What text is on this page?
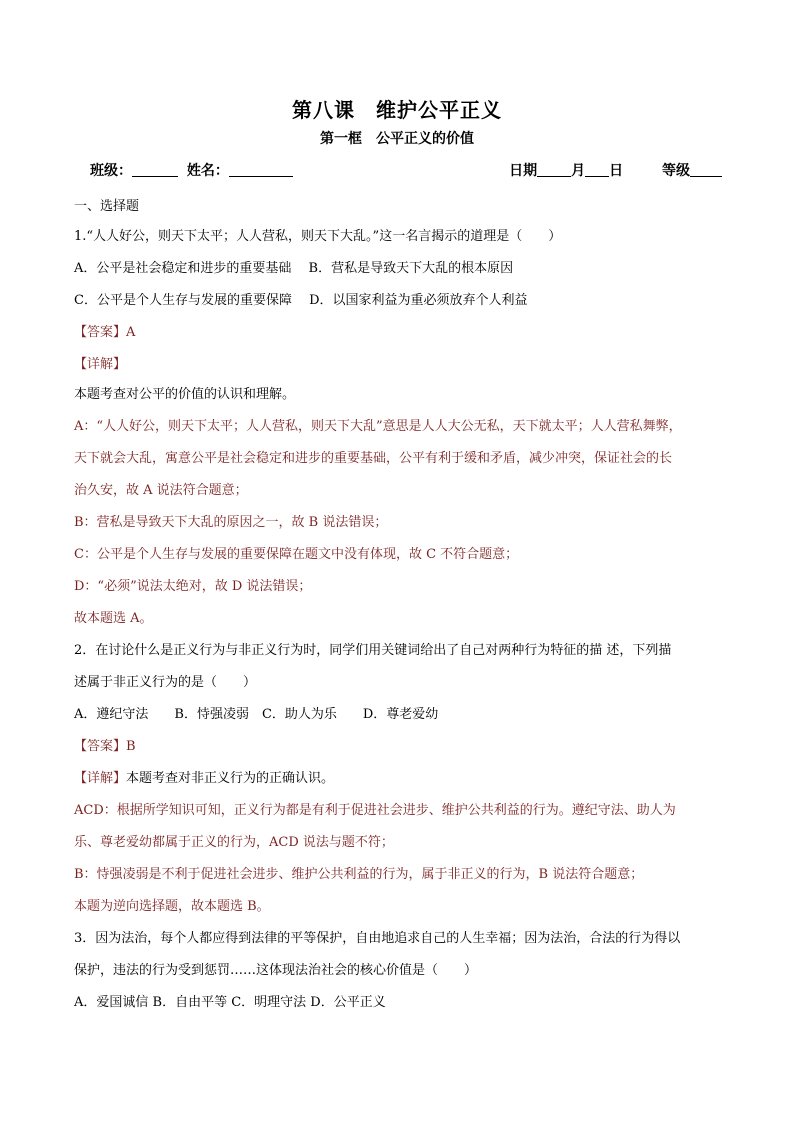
第八课　维护公平正义
第一框　公平正义的价值
班级：	姓名：	日期 月 日	等级
一、选择题
1.“人人好公，则天下太平；人人营私，则天下大乱。”这一名言揭示的道理是（　　）
A．公平是社会稳定和进步的重要基础　 B．营私是导致天下大乱的根本原因
C．公平是个人生存与发展的重要保障　 D．以国家利益为重必须放弃个人利益
【答案】A
【详解】
本题考查对公平的价值的认识和理解。
A：“人人好公，则天下太平；人人营私，则天下大乱”意思是人人大公无私，天下就太平；人人营私舞弊，
天下就会大乱，寓意公平是社会稳定和进步的重要基础，公平有利于缓和矛盾，减少冲突，保证社会的长
治久安，故 A 说法符合题意；
B：营私是导致天下大乱的原因之一，故 B 说法错误；
C：公平是个人生存与发展的重要保障在题文中没有体现，故 C 不符合题意；
D：“必须”说法太绝对，故 D 说法错误；
故本题选 A。
2．在讨论什么是正义行为与非正义行为时，同学们用关键词给出了自己对两种行为特征的描 述，下列描
述属于非正义行为的是（　　）
A．遵纪守法　　B．恃强凌弱　C．助人为乐　　D．尊老爱幼
【答案】B
【详解】本题考查对非正义行为的正确认识。
ACD：根据所学知识可知，正义行为都是有利于促进社会进步、维护公共利益的行为。遵纪守法、助人为
乐、尊老爱幼都属于正义的行为，ACD 说法与题不符；
B：恃强凌弱是不利于促进社会进步、维护公共利益的行为，属于非正义的行为，B 说法符合题意；
本题为逆向选择题，故本题选 B。
3．因为法治，每个人都应得到法律的平等保护，自由地追求自己的人生幸福；因为法治，合法的行为得以
保护，违法的行为受到惩罚……这体现法治社会的核心价值是（　　）
A．爱国诚信 B．自由平等 C．明理守法 D．公平正义
